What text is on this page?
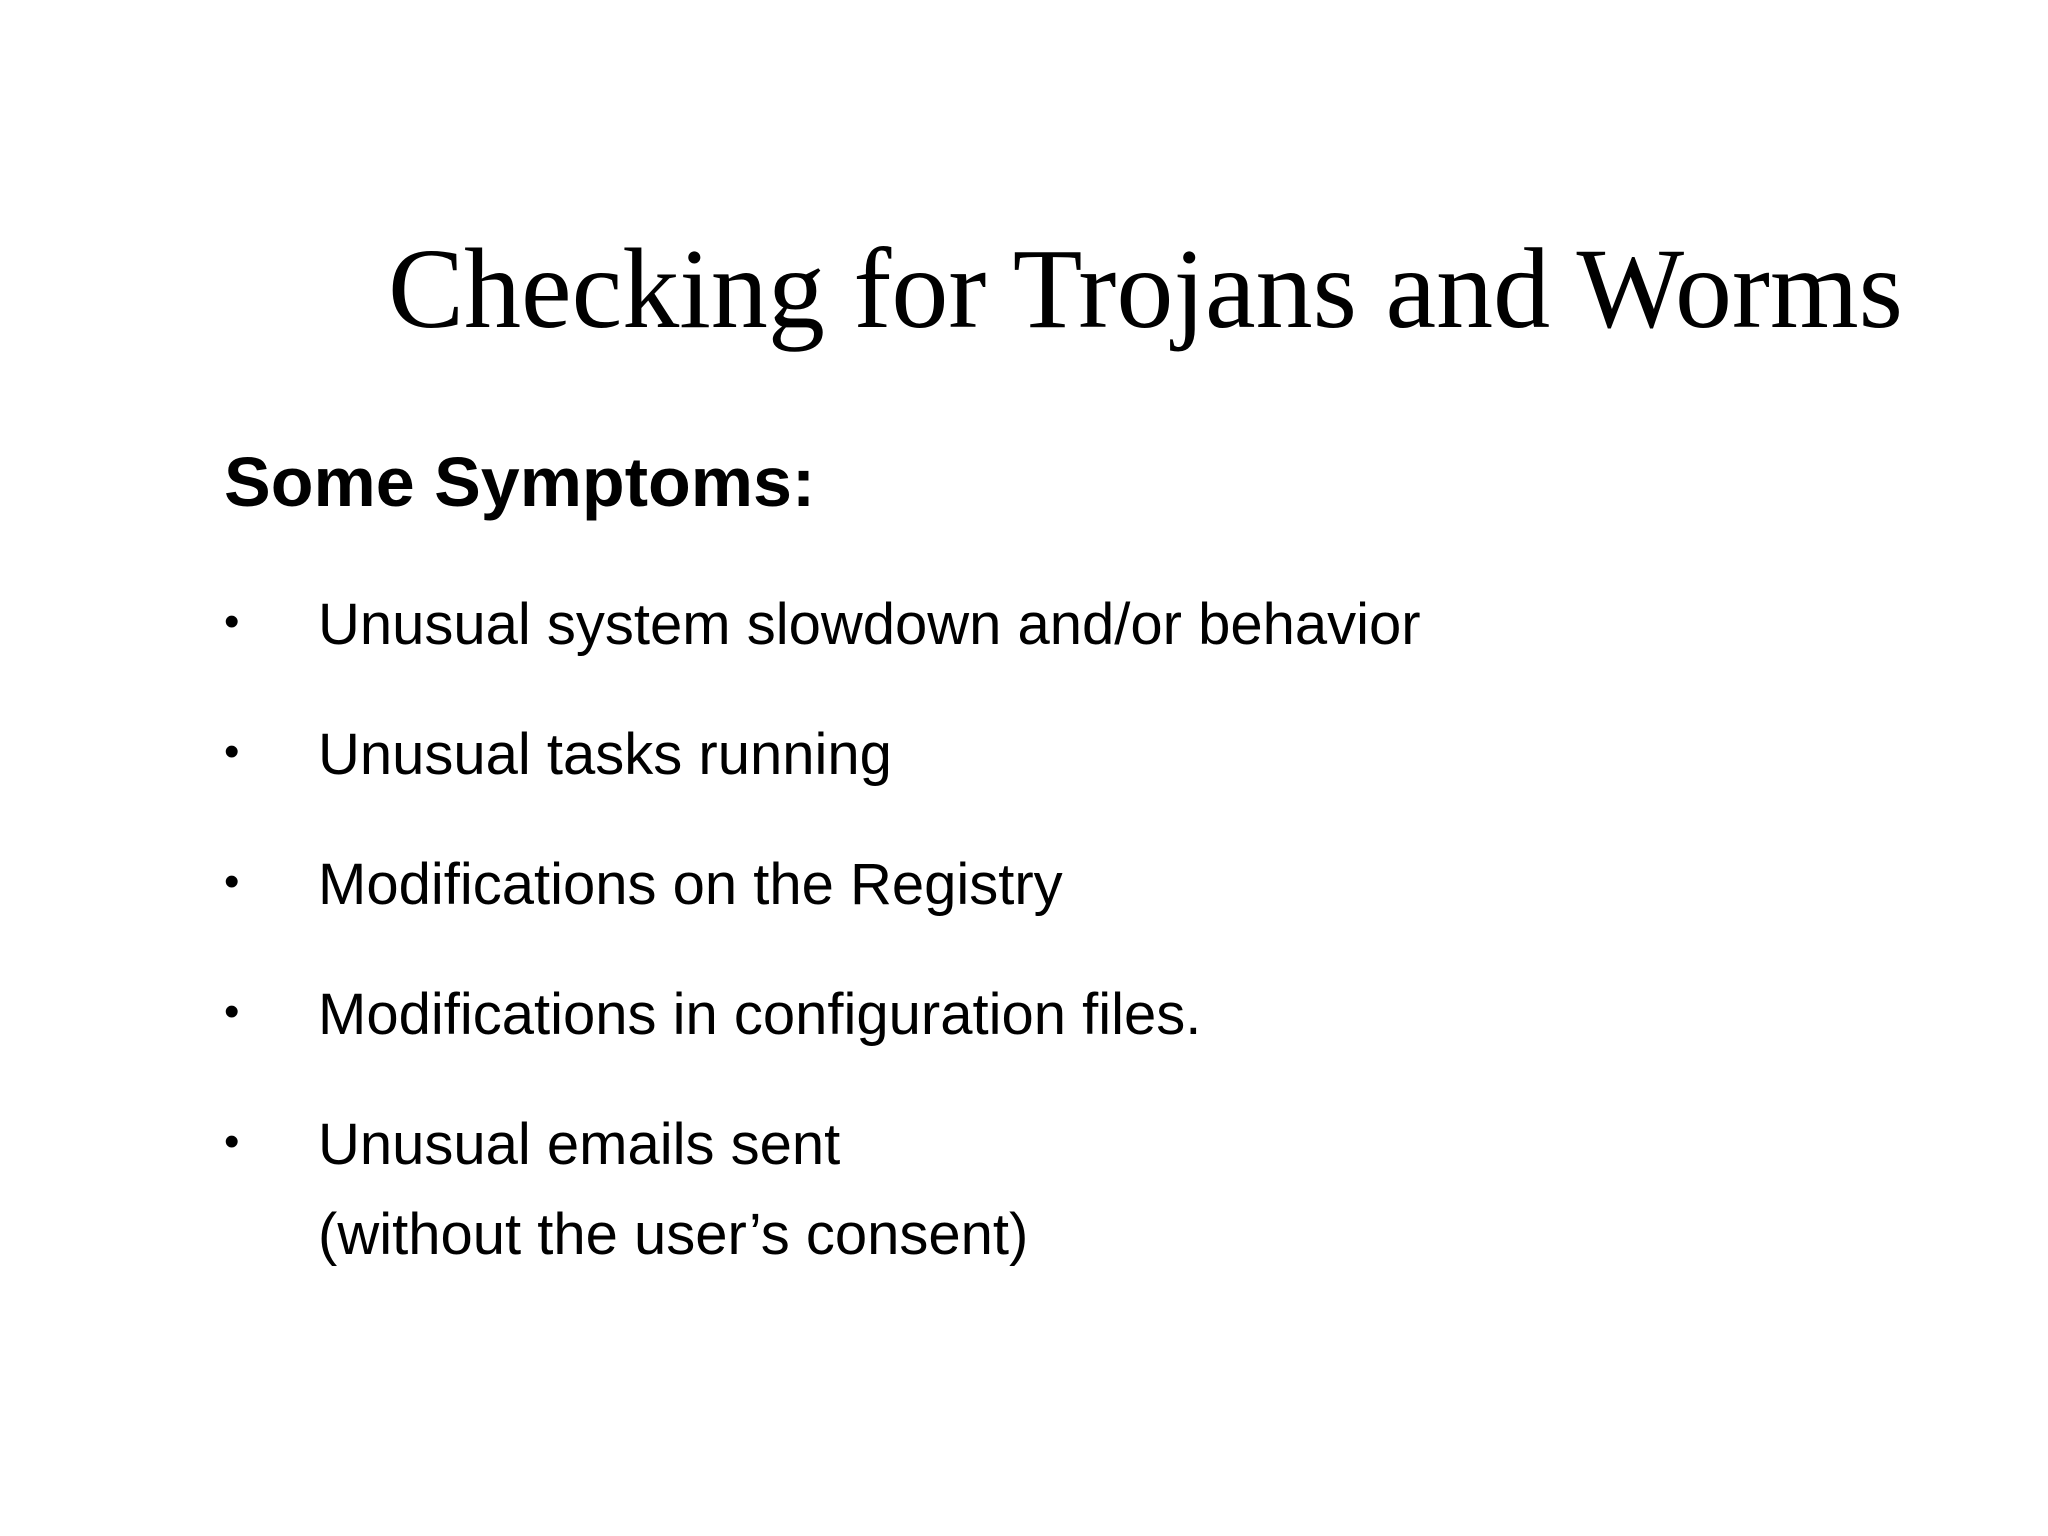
Checking for Trojans and Worms
Some Symptoms:
• Unusual system slowdown and/or behavior
• Unusual tasks running
• Modifications on the Registry
• Modifications in configuration files.
• Unusual emails sent
(without the user’s consent)
